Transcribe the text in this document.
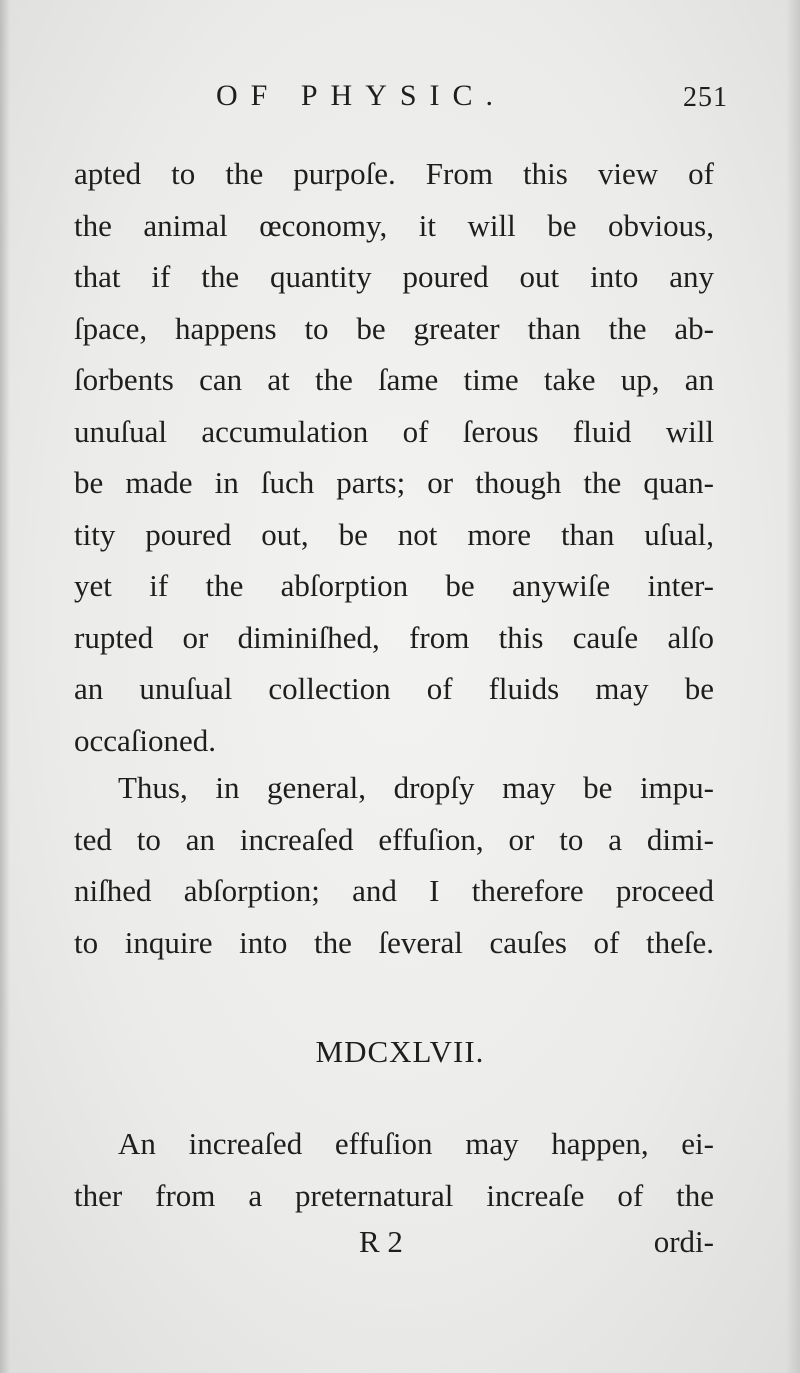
OF PHYSIC.	251
apted to the purpoſe. From this view of
the animal œconomy, it will be obvious,
that if the quantity poured out into any
ſpace, happens to be greater than the ab-
ſorbents can at the ſame time take up, an
unuſual accumulation of ſerous fluid will
be made in ſuch parts; or though the quan-
tity poured out, be not more than uſual,
yet if the abſorption be anywiſe inter-
rupted or diminiſhed, from this cauſe alſo
an unuſual collection of fluids may be
occaſioned.
Thus, in general, dropſy may be impu-
ted to an increaſed effuſion, or to a dimi-
niſhed abſorption; and I therefore proceed
to inquire into the ſeveral cauſes of theſe.
MDCXLVII.
An increaſed effuſion may happen, ei-
ther from a preternatural increaſe of the
R 2	ordi-
